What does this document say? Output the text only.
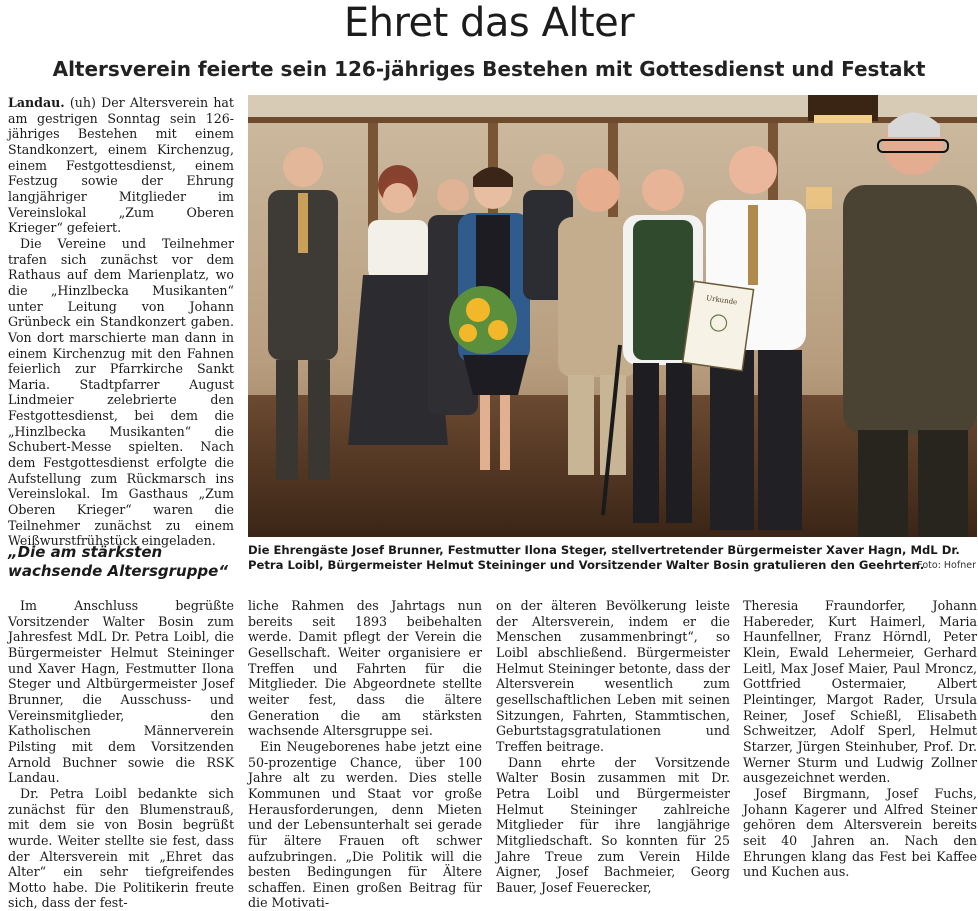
Ehret das Alter
Altersverein feierte sein 126-jähriges Bestehen mit Gottesdienst und Festakt

Landau. (uh) Der Altersverein hat am gestrigen Sonntag sein 126-jähriges Bestehen mit einem Standkonzert, einem Kirchenzug, einem Festgottesdienst, einem Festzug sowie der Ehrung langjähriger Mitglieder im Vereinslokal „Zum Oberen Krieger“ gefeiert.

Die Vereine und Teilnehmer trafen sich zunächst vor dem Rathaus auf dem Marienplatz, wo die „Hinzlbecka Musikanten“ unter Leitung von Johann Grünbeck ein Standkonzert gaben. Von dort marschierte man dann in einem Kirchenzug mit den Fahnen feierlich zur Pfarrkirche Sankt Maria. Stadtpfarrer August Lindmeier zelebrierte den Festgottesdienst, bei dem die „Hinzlbecka Musikanten“ die Schubert-Messe spielten. Nach dem Festgottesdienst erfolgte die Aufstellung zum Rückmarsch ins Vereinslokal. Im Gasthaus „Zum Oberen Krieger“ waren die Teilnehmer zunächst zu einem Weißwurstfrühstück eingeladen.

„Die am stärksten wachsende Altersgruppe“

Im Anschluss begrüßte Vorsitzender Walter Bosin zum Jahresfest MdL Dr. Petra Loibl, die Bürgermeister Helmut Steininger und Xaver Hagn, Festmutter Ilona Steger und Altbürgermeister Josef Brunner, die Ausschuss- und Vereinsmitglieder, den Katholischen Männerverein Pilsting mit dem Vorsitzenden Arnold Buchner sowie die RSK Landau.

Dr. Petra Loibl bedankte sich zunächst für den Blumenstrauß, mit dem sie von Bosin begrüßt wurde. Weiter stellte sie fest, dass der Altersverein mit „Ehret das Alter“ ein sehr tiefgreifendes Motto habe. Die Politikerin freute sich, dass der fest-

liche Rahmen des Jahrtags nun bereits seit 1893 beibehalten werde. Damit pflegt der Verein die Gesellschaft. Weiter organisiere er Treffen und Fahrten für die Mitglieder. Die Abgeordnete stellte weiter fest, dass die ältere Generation die am stärksten wachsende Altersgruppe sei.

Ein Neugeborenes habe jetzt eine 50-prozentige Chance, über 100 Jahre alt zu werden. Dies stelle Kommunen und Staat vor große Herausforderungen, denn Mieten und der Lebensunterhalt sei gerade für ältere Frauen oft schwer aufzubringen. „Die Politik will die besten Bedingungen für Ältere schaffen. Einen großen Beitrag für die Motivati-

on der älteren Bevölkerung leiste der Altersverein, indem er die Menschen zusammenbringt“, so Loibl abschließend. Bürgermeister Helmut Steininger betonte, dass der Altersverein wesentlich zum gesellschaftlichen Leben mit seinen Sitzungen, Fahrten, Stammtischen, Geburtstagsgratulationen und Treffen beitrage.

Dann ehrte der Vorsitzende Walter Bosin zusammen mit Dr. Petra Loibl und Bürgermeister Helmut Steininger zahlreiche Mitglieder für ihre langjährige Mitgliedschaft. So konnten für 25 Jahre Treue zum Verein Hilde Aigner, Josef Bachmeier, Georg Bauer, Josef Feuerecker,

Theresia Fraundorfer, Johann Habereder, Kurt Haimerl, Maria Haunfellner, Franz Hörndl, Peter Klein, Ewald Lehermeier, Gerhard Leitl, Max Josef Maier, Paul Mroncz, Gottfried Ostermaier, Albert Pleintinger, Margot Rader, Ursula Reiner, Josef Schießl, Elisabeth Schweitzer, Adolf Sperl, Helmut Starzer, Jürgen Steinhuber, Prof. Dr. Werner Sturm und Ludwig Zollner ausgezeichnet werden.

Josef Birgmann, Josef Fuchs, Johann Kagerer und Alfred Steiner gehören dem Altersverein bereits seit 40 Jahren an. Nach den Ehrungen klang das Fest bei Kaffee und Kuchen aus.

Urkunde
Die Ehrengäste Josef Brunner, Festmutter Ilona Steger, stellvertretender Bürgermeister Xaver Hagn, MdL Dr. Petra Loibl, Bürgermeister Helmut Steininger und Vorsitzender Walter Bosin gratulieren den Geehrten.
Foto: Hofner
